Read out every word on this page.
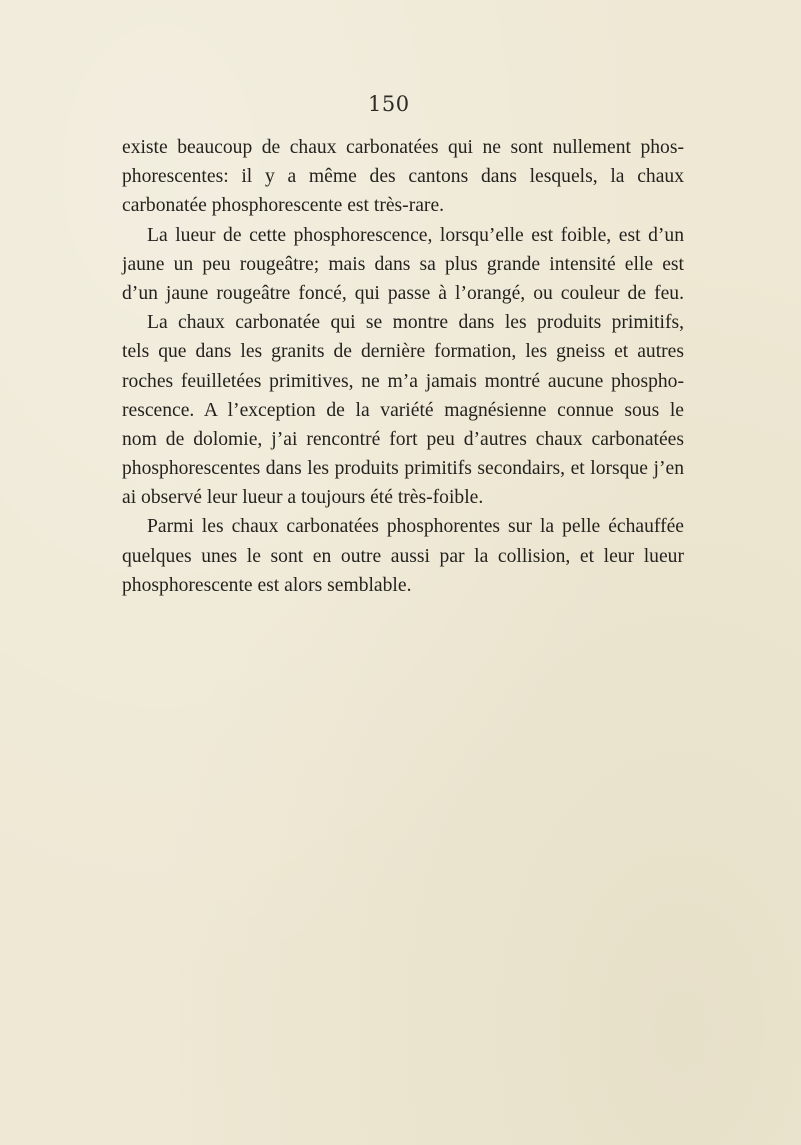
150
existe beaucoup de chaux carbonatées qui ne sont nullement phos-
phorescentes: il y a même des cantons dans lesquels, la chaux
carbonatée phosphorescente est très-rare.
La lueur de cette phosphorescence, lorsqu’elle est foible, est d’un
jaune un peu rougeâtre; mais dans sa plus grande intensité elle est
d’un jaune rougeâtre foncé, qui passe à l’orangé, ou couleur de feu.
La chaux carbonatée qui se montre dans les produits primitifs,
tels que dans les granits de dernière formation, les gneiss et autres
roches feuilletées primitives, ne m’a jamais montré aucune phospho-
rescence. A l’exception de la variété magnésienne connue sous le
nom de dolomie, j’ai rencontré fort peu d’autres chaux carbonatées
phosphorescentes dans les produits primitifs secondairs, et lorsque j’en
ai observé leur lueur a toujours été très-foible.
Parmi les chaux carbonatées phosphorentes sur la pelle échauffée
quelques unes le sont en outre aussi par la collision, et leur lueur
phosphorescente est alors semblable.
